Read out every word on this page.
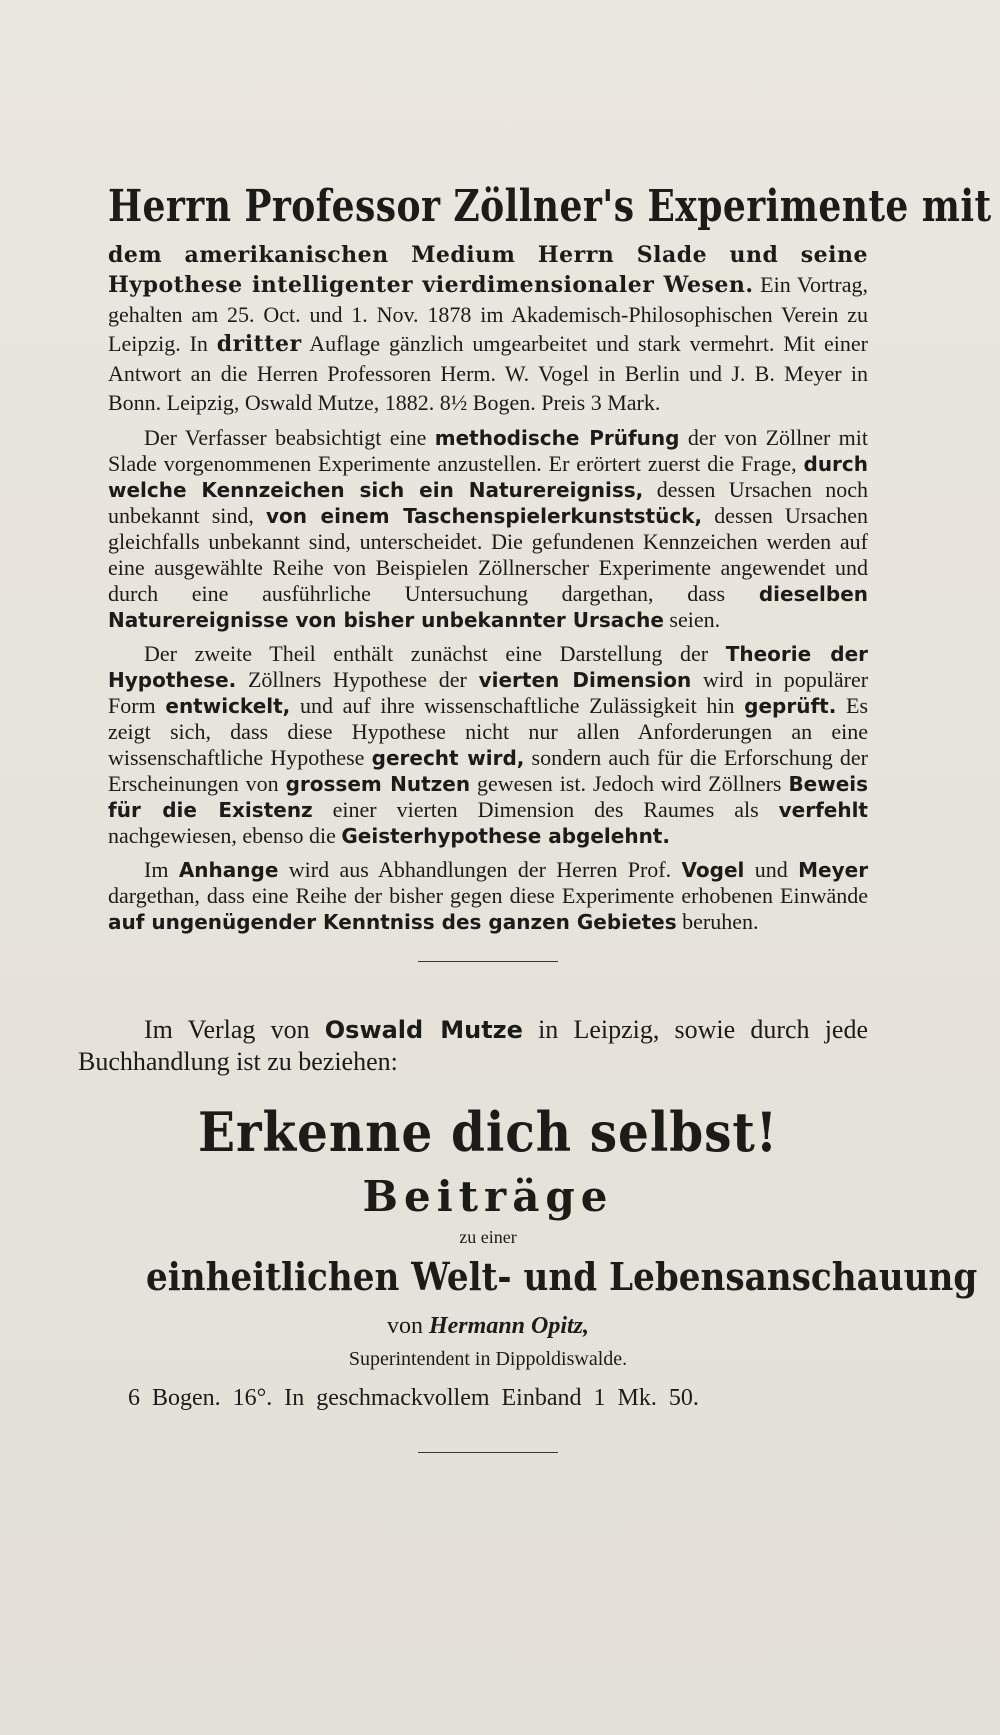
Herrn Professor Zöllner's Experimente mit

dem amerikanischen Medium Herrn Slade und seine Hypothese intelligenter vierdimensionaler Wesen. Ein Vortrag, gehalten am 25. Oct. und 1. Nov. 1878 im Akademisch-Philosophischen Verein zu Leipzig. In dritter Auflage gänzlich umgearbeitet und stark vermehrt. Mit einer Antwort an die Herren Professoren Herm. W. Vogel in Berlin und J. B. Meyer in Bonn. Leipzig, Oswald Mutze, 1882. 8½ Bogen. Preis 3 Mark.

Der Verfasser beabsichtigt eine methodische Prüfung der von Zöllner mit Slade vorgenommenen Experimente anzustellen. Er erörtert zuerst die Frage, durch welche Kennzeichen sich ein Naturereigniss, dessen Ursachen noch unbekannt sind, von einem Taschenspielerkunststück, dessen Ursachen gleichfalls unbekannt sind, unterscheidet. Die gefundenen Kennzeichen werden auf eine ausgewählte Reihe von Beispielen Zöllnerscher Experimente angewendet und durch eine ausführliche Untersuchung dargethan, dass dieselben Naturereignisse von bisher unbekannter Ursache seien.

Der zweite Theil enthält zunächst eine Darstellung der Theorie der Hypothese. Zöllners Hypothese der vierten Dimension wird in populärer Form entwickelt, und auf ihre wissenschaftliche Zulässigkeit hin geprüft. Es zeigt sich, dass diese Hypothese nicht nur allen Anforderungen an eine wissenschaftliche Hypothese gerecht wird, sondern auch für die Erforschung der Erscheinungen von grossem Nutzen gewesen ist. Jedoch wird Zöllners Beweis für die Existenz einer vierten Dimension des Raumes als verfehlt nachgewiesen, ebenso die Geisterhypothese abgelehnt.

Im Anhange wird aus Abhandlungen der Herren Prof. Vogel und Meyer dargethan, dass eine Reihe der bisher gegen diese Experimente erhobenen Einwände auf ungenügender Kenntniss des ganzen Gebietes beruhen.

Im Verlag von Oswald Mutze in Leipzig, sowie durch jede Buchhandlung ist zu beziehen:

Erkenne dich selbst!
Beiträge
zu einer
einheitlichen Welt- und Lebensanschauung
von Hermann Opitz,
Superintendent in Dippoldiswalde.
6 Bogen. 16°. In geschmackvollem Einband 1 Mk. 50.
